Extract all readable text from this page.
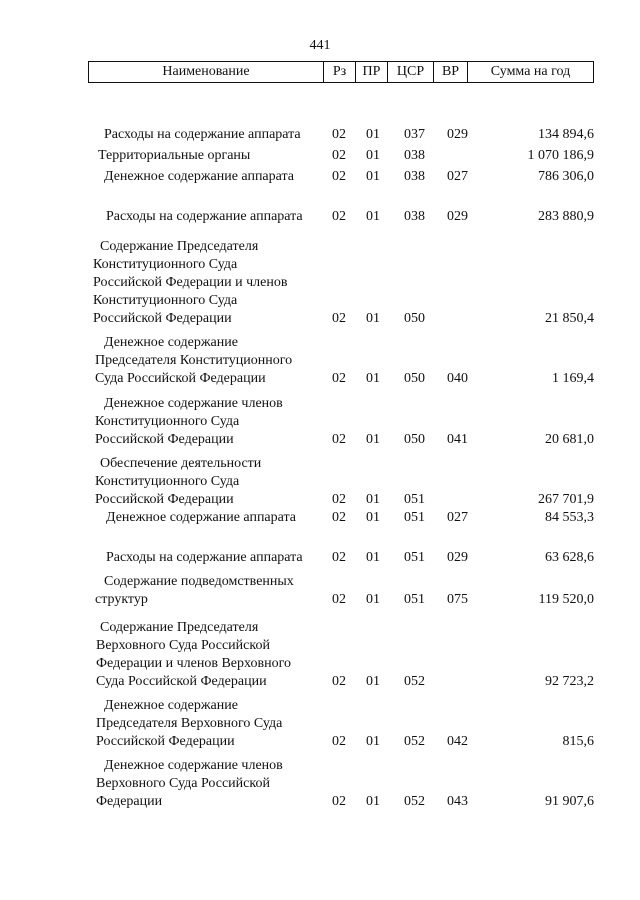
441
Наименование	Рз	ПР	ЦСР	ВР	Сумма на год
Расходы на содержание аппарата 02 01 037 029	134 894,6
Территориальные органы	02 01 038	1 070 186,9
Денежное содержание аппарата	02 01 038 027	786 306,0
Расходы на содержание аппарата 02 01 038 029	283 880,9
Содержание Председателя
Конституционного Суда
Российской Федерации и членов
Конституционного Суда
Российской Федерации	02 01 050	21 850,4
Денежное содержание
Председателя Конституционного
Суда Российской Федерации	02 01 050 040	1 169,4
Денежное содержание членов
Конституционного Суда
Российской Федерации	02 01 050 041	20 681,0
Обеспечение деятельности
Конституционного Суда
Российской Федерации	02 01 051	267 701,9
Денежное содержание аппарата	02 01 051 027	84 553,3
Расходы на содержание аппарата 02 01 051 029	63 628,6
Содержание подведомственных
структур	02 01 051 075	119 520,0
Содержание Председателя
Верховного Суда Российской
Федерации и членов Верховного
Суда Российской Федерации	02 01 052	92 723,2
Денежное содержание
Председателя Верховного Суда
Российской Федерации	02 01 052 042	815,6
Денежное содержание членов
Верховного Суда Российской
Федерации	02 01 052 043	91 907,6
